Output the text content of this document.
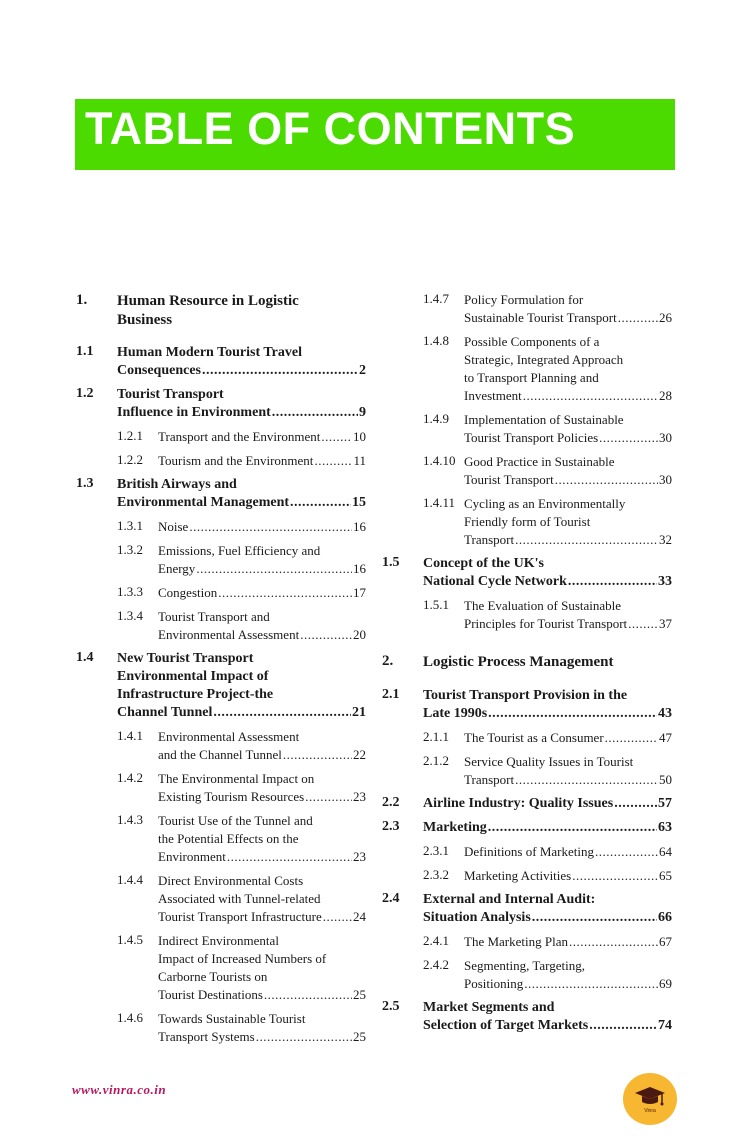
TABLE OF CONTENTS
1. Human Resource in Logistic
Business
1.1 Human Modern Tourist Travel
Consequences .....	2
1.2 Tourist Transport
Influence in Environment .....	9
1.2.1 Transport and the Environment .....	10
1.2.2 Tourism and the Environment .....	11
1.3 British Airways and
Environmental Management .....	15
1.3.1 Noise .....	16
1.3.2 Emissions, Fuel Efficiency and
Energy .....	16
1.3.3 Congestion .....	17
1.3.4 Tourist Transport and
Environmental Assessment .....	20
1.4 New Tourist Transport
Environmental Impact of
Infrastructure Project-the
Channel Tunnel .....	21
1.4.1 Environmental Assessment
and the Channel Tunnel .....	22
1.4.2 The Environmental Impact on
Existing Tourism Resources .....	23
1.4.3 Tourist Use of the Tunnel and
the Potential Effects on the
Environment .....	23
1.4.4 Direct Environmental Costs
Associated with Tunnel-related
Tourist Transport Infrastructure ..... 24
1.4.5 Indirect Environmental
Impact of Increased Numbers of
Carborne Tourists on
Tourist Destinations .....	25
1.4.6 Towards Sustainable Tourist
Transport Systems .....	25
1.4.7 Policy Formulation for
Sustainable Tourist Transport .....	26
1.4.8 Possible Components of a
Strategic, Integrated Approach
to Transport Planning and
Investment .....	28
1.4.9 Implementation of Sustainable
Tourist Transport Policies .....	30
1.4.10 Good Practice in Sustainable
Tourist Transport .....	30
1.4.11 Cycling as an Environmentally
Friendly form of Tourist
Transport .....	32
1.5 Concept of the UK's
National Cycle Network .....	33
1.5.1 The Evaluation of Sustainable
Principles for Tourist Transport ..... 37
2. Logistic Process Management
2.1 Tourist Transport Provision in the
Late 1990s .....	43
2.1.1 The Tourist as a Consumer .....	47
2.1.2 Service Quality Issues in Tourist
Transport .....	50
2.2 Airline Industry: Quality Issues .....	57
2.3 Marketing .....	63
2.3.1 Definitions of Marketing .....	64
2.3.2 Marketing Activities .....	65
2.4 External and Internal Audit:
Situation Analysis .....	66
2.4.1 The Marketing Plan .....	67
2.4.2 Segmenting, Targeting,
Positioning .....	69
2.5 Market Segments and
Selection of Target Markets .....	74
www.vinra.co.in
Vinra
